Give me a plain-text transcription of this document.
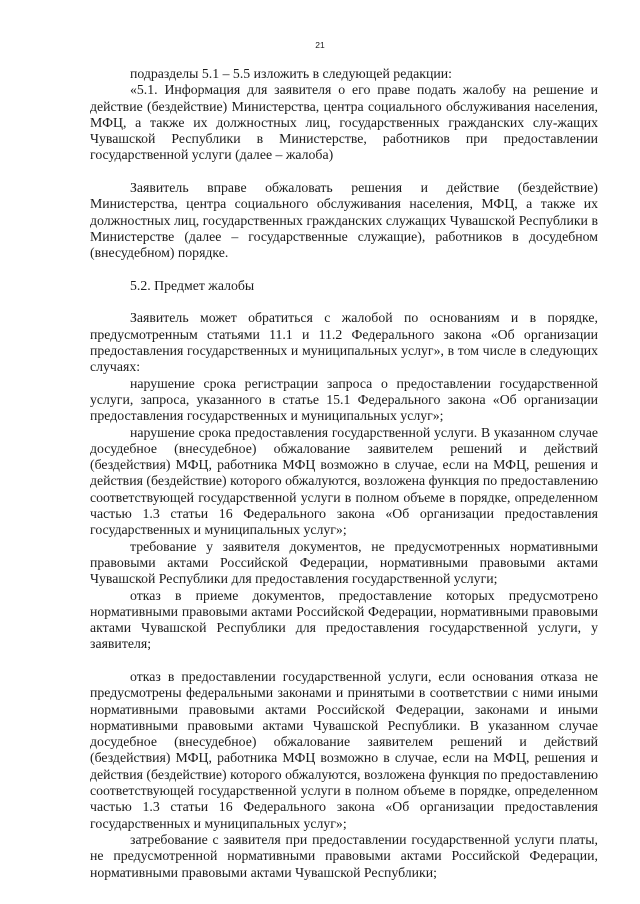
21

подразделы 5.1 – 5.5 изложить в следующей редакции:

«5.1. Информация для заявителя о его праве подать жалобу на решение и действие (бездействие) Министерства, центра социального обслуживания населения, МФЦ, а также их должностных лиц, государственных гражданских слу-жащих Чувашской Республики в Министерстве, работников при предоставлении государственной услуги (далее – жалоба)

Заявитель вправе обжаловать решения и действие (бездействие) Министерства, центра социального обслуживания населения, МФЦ, а также их должностных лиц, государственных гражданских служащих Чувашской Республики в Министерстве (далее – государственные служащие), работников в досудебном (внесудебном) порядке.

5.2. Предмет жалобы

Заявитель может обратиться с жалобой по основаниям и в порядке, предусмотренным статьями 11.1 и 11.2 Федерального закона «Об организации предоставления государственных и муниципальных услуг», в том числе в следующих случаях:

нарушение срока регистрации запроса о предоставлении государственной услуги, запроса, указанного в статье 15.1 Федерального закона «Об организации предоставления государственных и муниципальных услуг»;

нарушение срока предоставления государственной услуги. В указанном случае досудебное (внесудебное) обжалование заявителем решений и действий (бездействия) МФЦ, работника МФЦ возможно в случае, если на МФЦ, решения и действия (бездействие) которого обжалуются, возложена функция по предоставлению соответствующей государственной услуги в полном объеме в порядке, определенном частью 1.3 статьи 16 Федерального закона «Об организации предоставления государственных и муниципальных услуг»;

требование у заявителя документов, не предусмотренных нормативными правовыми актами Российской Федерации, нормативными правовыми актами Чувашской Республики для предоставления государственной услуги;

отказ в приеме документов, предоставление которых предусмотрено нормативными правовыми актами Российской Федерации, нормативными правовыми актами Чувашской Республики для предоставления государственной услуги, у заявителя;

отказ в предоставлении государственной услуги, если основания отказа не предусмотрены федеральными законами и принятыми в соответствии с ними иными нормативными правовыми актами Российской Федерации, законами и иными нормативными правовыми актами Чувашской Республики. В указанном случае досудебное (внесудебное) обжалование заявителем решений и действий (бездействия) МФЦ, работника МФЦ возможно в случае, если на МФЦ, решения и действия (бездействие) которого обжалуются, возложена функция по предоставлению соответствующей государственной услуги в полном объеме в порядке, определенном частью 1.3 статьи 16 Федерального закона «Об организации предоставления государственных и муниципальных услуг»;

затребование с заявителя при предоставлении государственной услуги платы, не предусмотренной нормативными правовыми актами Российской Федерации, нормативными правовыми актами Чувашской Республики;
